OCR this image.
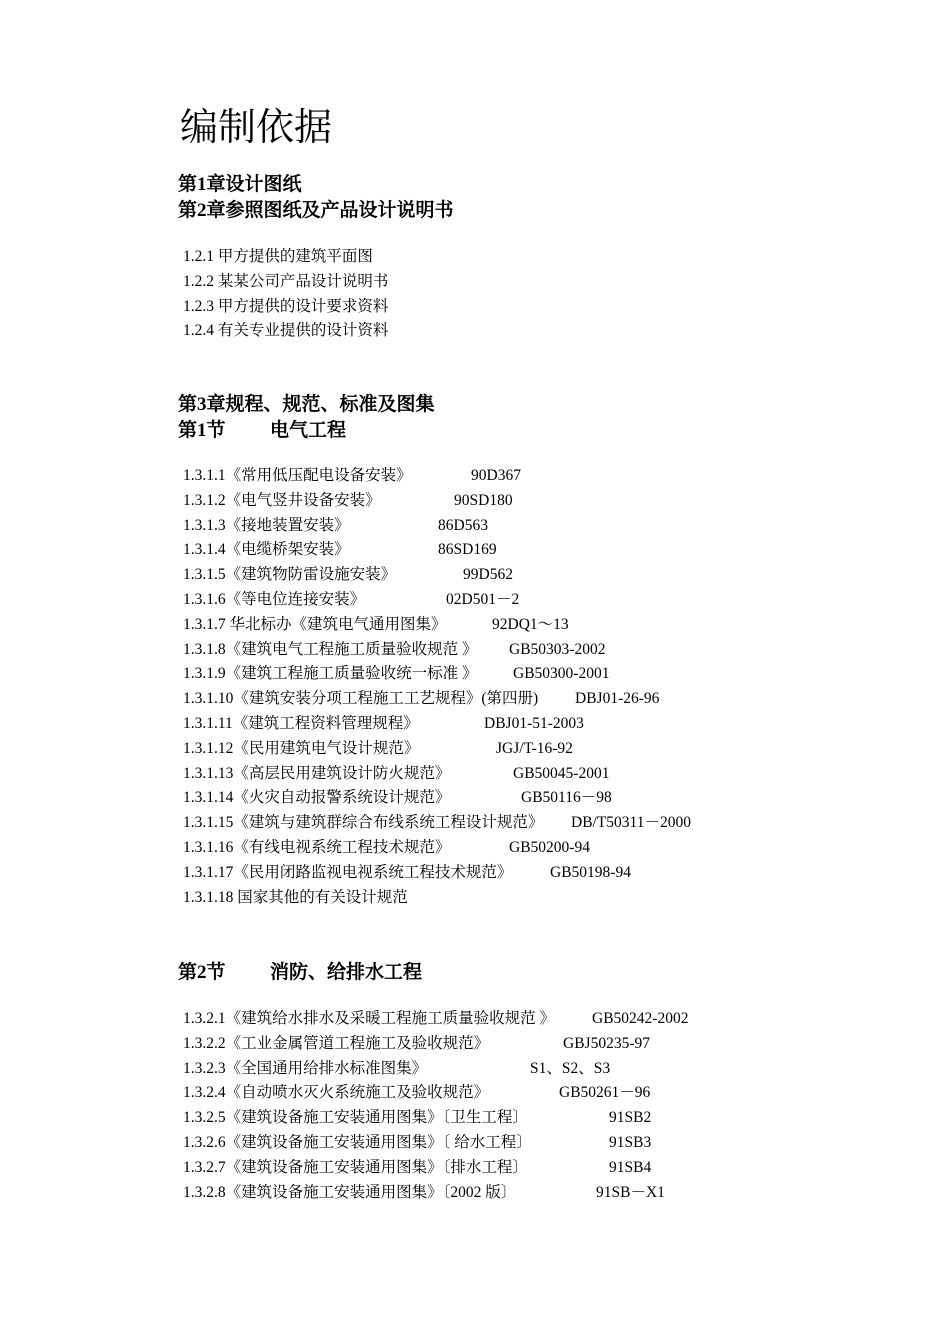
编制依据
第1章设计图纸
第2章参照图纸及产品设计说明书
1.2.1 甲方提供的建筑平面图
1.2.2 某某公司产品设计说明书
1.2.3 甲方提供的设计要求资料
1.2.4 有关专业提供的设计资料
第3章规程、规范、标准及图集
第1节 电气工程
1.3.1.1《常用低压配电设备安装》	90D367
1.3.1.2《电气竖井设备安装》	90SD180
1.3.1.3《接地装置安装》	86D563
1.3.1.4《电缆桥架安装》	86SD169
1.3.1.5《建筑物防雷设施安装》	99D562
1.3.1.6《等电位连接安装》	02D501－2
1.3.1.7 华北标办《建筑电气通用图集》	92DQ1～13
1.3.1.8《建筑电气工程施工质量验收规范 》 GB50303-2002
1.3.1.9《建筑工程施工质量验收统一标准 》 GB50300-2001
1.3.1.10《建筑安装分项工程施工工艺规程》(第四册) DBJ01-26-96
1.3.1.11《建筑工程资料管理规程》	DBJ01-51-2003
1.3.1.12《民用建筑电气设计规范》	JGJ/T-16-92
1.3.1.13《高层民用建筑设计防火规范》	GB50045-2001
1.3.1.14《火灾自动报警系统设计规范》	GB50116－98
1.3.1.15《建筑与建筑群综合布线系统工程设计规范》 DB/T50311－2000
1.3.1.16《有线电视系统工程技术规范》	GB50200-94
1.3.1.17《民用闭路监视电视系统工程技术规范》 GB50198-94
1.3.1.18 国家其他的有关设计规范
第2节 消防、给排水工程
1.3.2.1《建筑给水排水及采暖工程施工质量验收规范 》 GB50242-2002
1.3.2.2《工业金属管道工程施工及验收规范》	GBJ50235-97
1.3.2.3《全国通用给排水标准图集》	S1、S2、S3
1.3.2.4《自动喷水灭火系统施工及验收规范》	GB50261－96
1.3.2.5《建筑设备施工安装通用图集》〔卫生工程〕	91SB2
1.3.2.6《建筑设备施工安装通用图集》〔 给水工程〕	91SB3
1.3.2.7《建筑设备施工安装通用图集》〔排水工程〕	91SB4
1.3.2.8《建筑设备施工安装通用图集》〔2002 版〕	91SB－X1
